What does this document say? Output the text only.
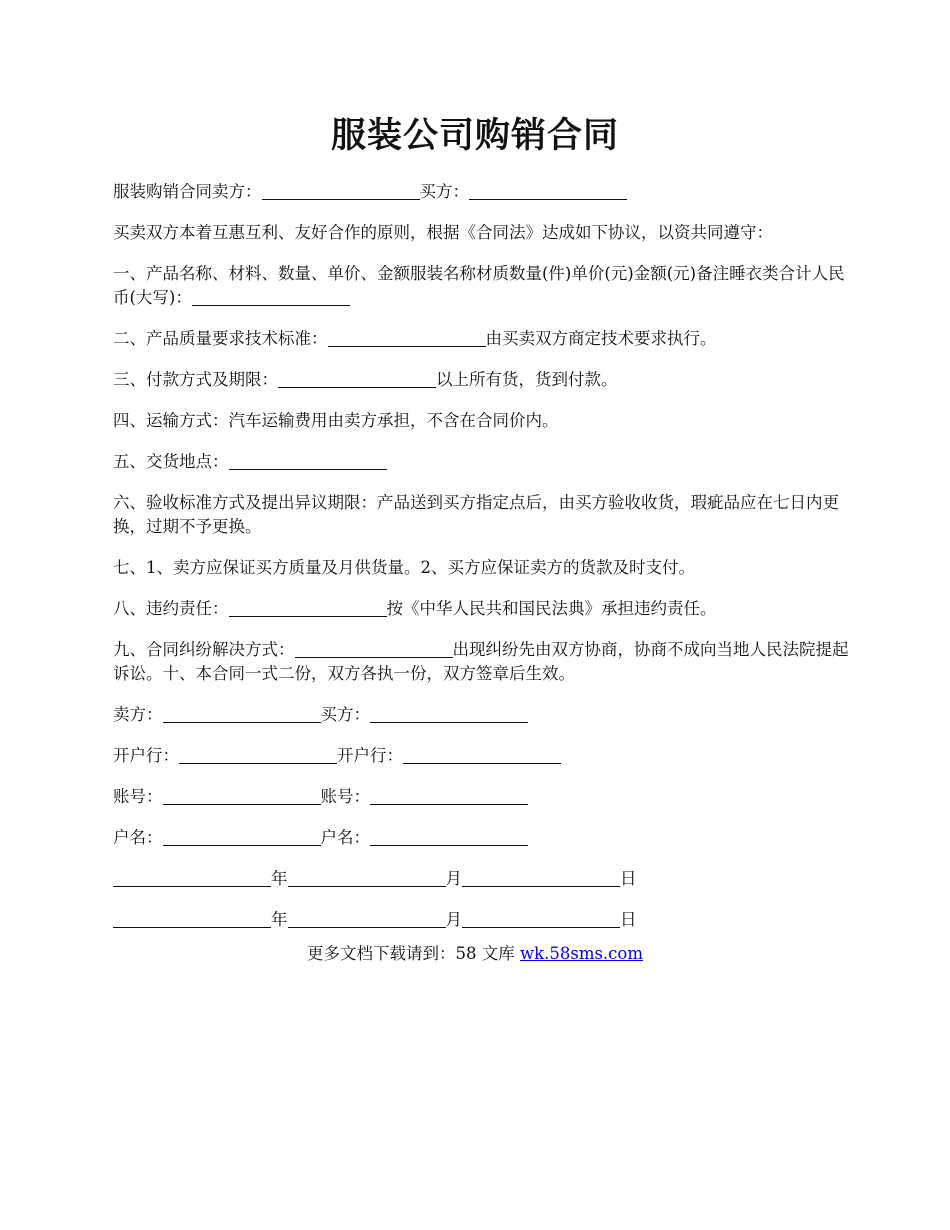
服装公司购销合同

服装购销合同卖方：	买方：

买卖双方本着互惠互利、友好合作的原则，根据《合同法》达成如下协议，以资共同遵守：

一、产品名称、材料、数量、单价、金额服装名称材质数量(件)单价(元)金额(元)备注睡衣类合计人民币(大写)：

二、产品质量要求技术标准：	由买卖双方商定技术要求执行。

三、付款方式及期限：	以上所有货，货到付款。

四、运输方式：汽车运输费用由卖方承担，不含在合同价内。

五、交货地点：

六、验收标准方式及提出异议期限：产品送到买方指定点后，由买方验收收货，瑕疵品应在七日内更换，过期不予更换。

七、1、卖方应保证买方质量及月供货量。2、买方应保证卖方的货款及时支付。

八、违约责任：	按《中华人民共和国民法典》承担违约责任。

九、合同纠纷解决方式：	出现纠纷先由双方协商，协商不成向当地人民法院提起诉讼。十、本合同一式二份，双方各执一份，双方签章后生效。

卖方：	买方：

开户行：	开户行：

账号：	账号：

户名：	户名：

年	月	日

年	月	日

更多文档下载请到：58 文库 wk.58sms.com
